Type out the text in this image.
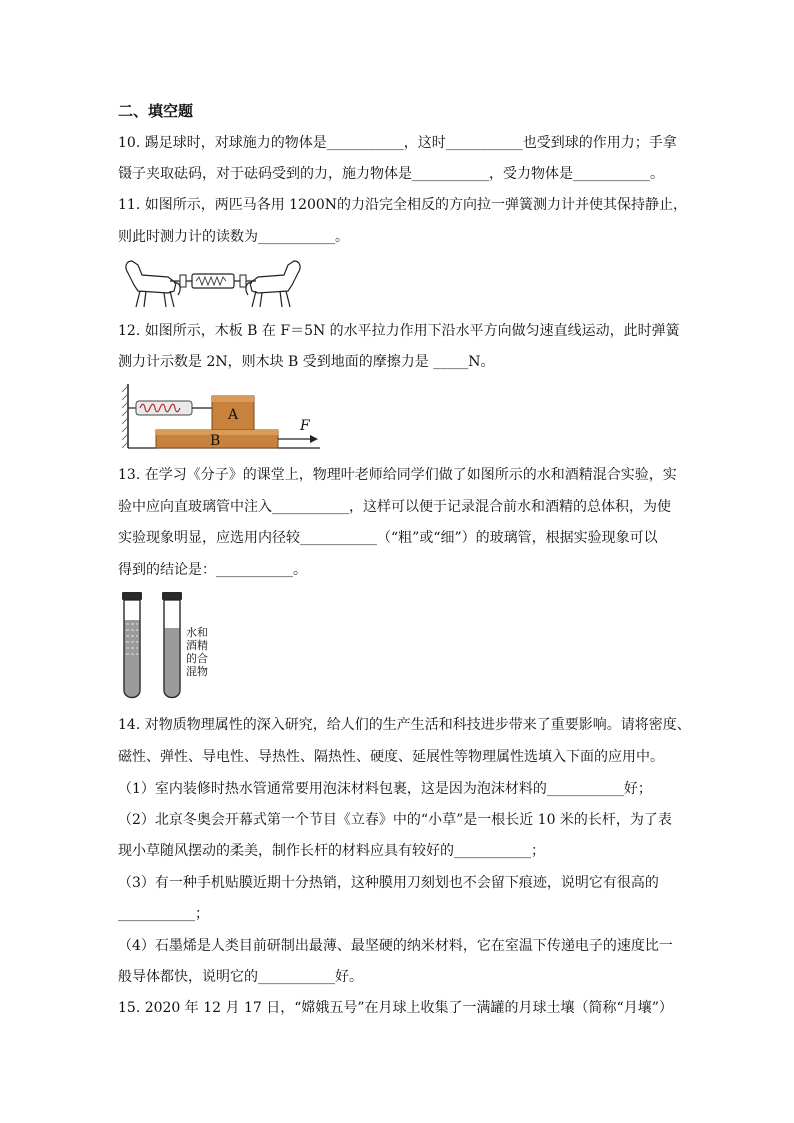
二、填空题
10. 踢足球时，对球施力的物体是___________，这时___________也受到球的作用力；手拿
镊子夹取砝码，对于砝码受到的力，施力物体是___________，受力物体是___________。
11. 如图所示，两匹马各用 1200N的力沿完全相反的方向拉一弹簧测力计并使其保持静止，
则此时测力计的读数为___________。
12. 如图所示，木板 B 在 F＝5N 的水平拉力作用下沿水平方向做匀速直线运动，此时弹簧
测力计示数是 2N，则木块 B 受到地面的摩擦力是 _____N。
A
B
F
13. 在学习《分子》的课堂上，物理叶老师给同学们做了如图所示的水和酒精混合实验，实
验中应向直玻璃管中注入___________，这样可以便于记录混合前水和酒精的总体积，为使
实验现象明显，应选用内径较___________（“粗”或“细”）的玻璃管，根据实验现象可以
得到的结论是：___________。
水和
酒精
的合
混物
14. 对物质物理属性的深入研究，给人们的生产生活和科技进步带来了重要影响。请将密度、
磁性、弹性、导电性、导热性、隔热性、硬度、延展性等物理属性选填入下面的应用中。
（1）室内装修时热水管通常要用泡沫材料包裹，这是因为泡沫材料的___________好；
（2）北京冬奥会开幕式第一个节目《立春》中的“小草”是一根长近 10 米的长杆，为了表
现小草随风摆动的柔美，制作长杆的材料应具有较好的___________；
（3）有一种手机贴膜近期十分热销，这种膜用刀刻划也不会留下痕迹，说明它有很高的
___________；
（4）石墨烯是人类目前研制出最薄、最坚硬的纳米材料，它在室温下传递电子的速度比一
般导体都快，说明它的___________好。
15. 2020 年 12 月 17 日，“嫦娥五号”在月球上收集了一满罐的月球土壤（简称“月壤”）
